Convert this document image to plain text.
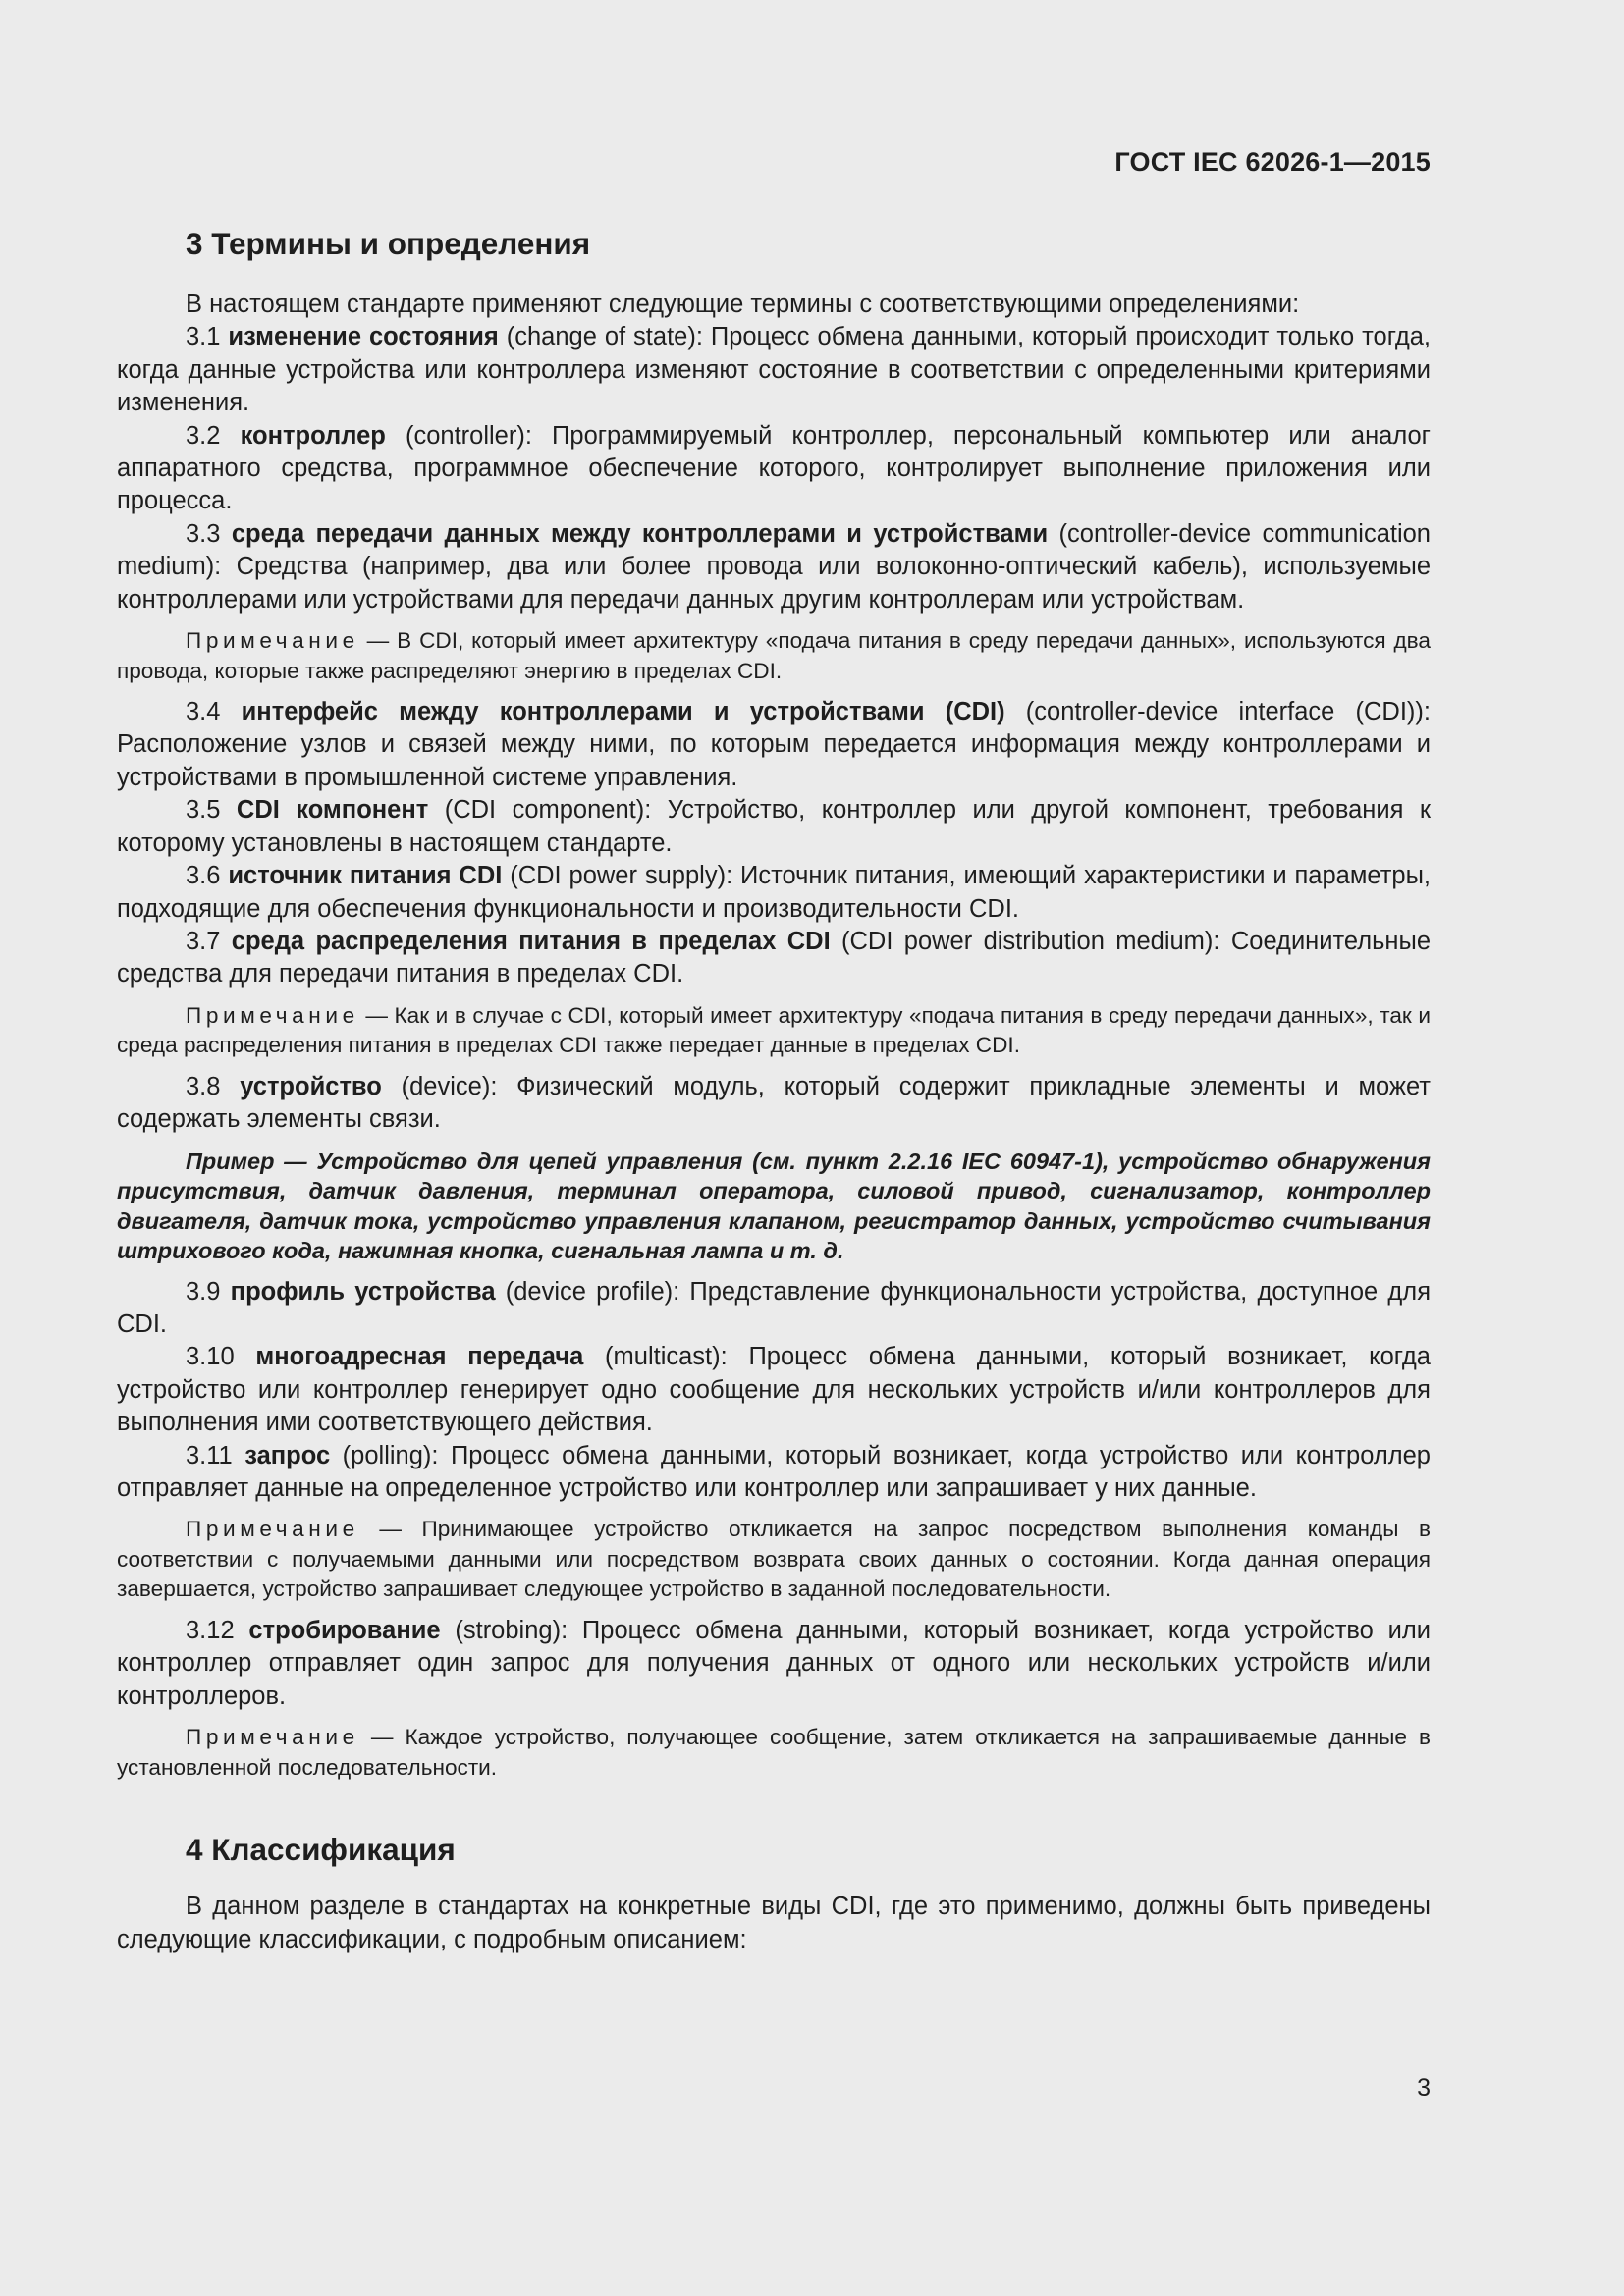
ГОСТ IEC 62026-1—2015
3 Термины и определения

В настоящем стандарте применяют следующие термины с соответствующими определениями:

3.1 изменение состояния (change of state): Процесс обмена данными, который происходит только тогда, когда данные устройства или контроллера изменяют состояние в соответствии с определенными критериями изменения.

3.2 контроллер (controller): Программируемый контроллер, персональный компьютер или аналог аппаратного средства, программное обеспечение которого, контролирует выполнение приложения или процесса.

3.3 среда передачи данных между контроллерами и устройствами (controller-device communication medium): Средства (например, два или более провода или волоконно-оптический кабель), используемые контроллерами или устройствами для передачи данных другим контроллерам или устройствам.

Примечание — В CDI, который имеет архитектуру «подача питания в среду передачи данных», используются два провода, которые также распределяют энергию в пределах CDI.

3.4 интерфейс между контроллерами и устройствами (CDI) (controller-device interface (CDI)): Расположение узлов и связей между ними, по которым передается информация между контроллерами и устройствами в промышленной системе управления.

3.5 CDI компонент (CDI component): Устройство, контроллер или другой компонент, требования к которому установлены в настоящем стандарте.

3.6 источник питания CDI (CDI power supply): Источник питания, имеющий характеристики и параметры, подходящие для обеспечения функциональности и производительности CDI.

3.7 среда распределения питания в пределах CDI (CDI power distribution medium): Соединительные средства для передачи питания в пределах CDI.

Примечание — Как и в случае с CDI, который имеет архитектуру «подача питания в среду передачи данных», так и среда распределения питания в пределах CDI также передает данные в пределах CDI.

3.8 устройство (device): Физический модуль, который содержит прикладные элементы и может содержать элементы связи.

Пример — Устройство для цепей управления (см. пункт 2.2.16 IEC 60947-1), устройство обнаружения присутствия, датчик давления, терминал оператора, силовой привод, сигнализатор, контроллер двигателя, датчик тока, устройство управления клапаном, регистратор данных, устройство считывания штрихового кода, нажимная кнопка, сигнальная лампа и т. д.

3.9 профиль устройства (device profile): Представление функциональности устройства, доступное для CDI.

3.10 многоадресная передача (multicast): Процесс обмена данными, который возникает, когда устройство или контроллер генерирует одно сообщение для нескольких устройств и/или контроллеров для выполнения ими соответствующего действия.

3.11 запрос (polling): Процесс обмена данными, который возникает, когда устройство или контроллер отправляет данные на определенное устройство или контроллер или запрашивает у них данные.

Примечание — Принимающее устройство откликается на запрос посредством выполнения команды в соответствии с получаемыми данными или посредством возврата своих данных о состоянии. Когда данная операция завершается, устройство запрашивает следующее устройство в заданной последовательности.

3.12 стробирование (strobing): Процесс обмена данными, который возникает, когда устройство или контроллер отправляет один запрос для получения данных от одного или нескольких устройств и/или контроллеров.

Примечание — Каждое устройство, получающее сообщение, затем откликается на запрашиваемые данные в установленной последовательности.

4 Классификация

В данном разделе в стандартах на конкретные виды CDI, где это применимо, должны быть приведены следующие классификации, с подробным описанием:

3
